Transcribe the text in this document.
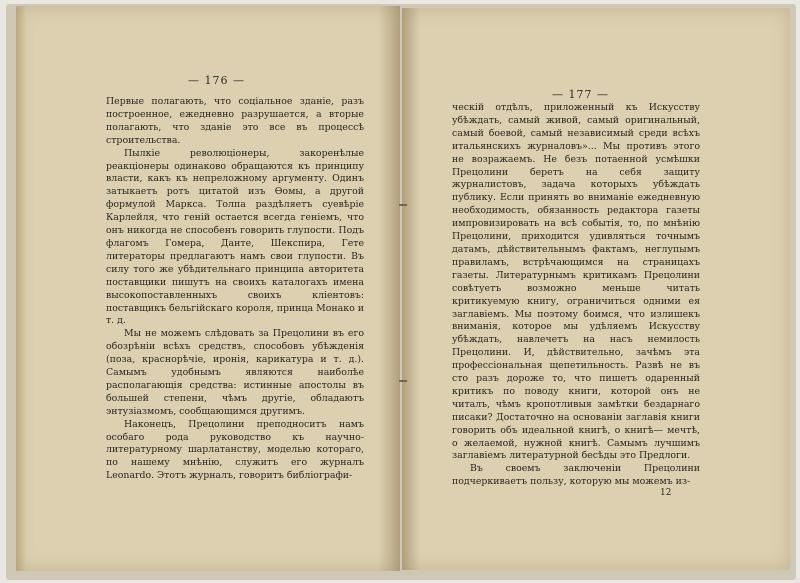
— 176 —

Первые полагають, что соціальное зданіе, разъ построенное, ежедневно разрушается, а вторые полагають, что зданіе это все въ процессѣ строительства.

Пылкіе революціонеры, закоренѣлые реакціонеры одинаково обращаются къ принципу власти, какъ къ непреложному аргументу. Одинъ затыкаетъ ротъ цитатой изъ Ѳомы, а другой формулой Маркса. Толпа раздѣляетъ суевѣріе Карлейля, что геній остается всегда геніемъ, что онъ никогда не способенъ говорить глупости. Подъ флагомъ Гомера, Данте, Шекспира, Гете литераторы предлагаютъ намъ свои глупости. Въ силу того же убѣдительнаго принципа авторитета поставщики пишутъ на своихъ каталогахъ имена высокопоставленныхъ своихъ кліентовъ: поставщикъ бельгійскаго короля, принца Монако и т. д.

Мы не можемъ слѣдовать за Прецолини въ его обозрѣніи всѣхъ средствъ, способовъ убѣжденія (поза, краснорѣчіе, иронія, карикатура и т. д.). Самымъ удобнымъ являются наиболѣе располагающія средства: истинные апостолы въ большей степени, чѣмъ другіе, обладаютъ энтузіазмомъ, сообщающимся другимъ.

Наконецъ, Прецолини преподноситъ намъ особаго рода руководство къ научно-литературному шарлатанству, моделью котораго, по нашему мнѣнію, служитъ его журналъ Leonardo. Этотъ журналъ, говоритъ библіографи-

— 177 —

ческій отдѣлъ, приложенный къ Искусству убѣждать, самый живой, самый оригинальный, самый боевой, самый независимый среди всѣхъ итальянскихъ журналовъ»... Мы противъ этого не возражаемъ. Не безъ потаенной усмѣшки Прецолини беретъ на себя защиту журналистовъ, задача которыхъ убѣждать публику. Если принять во вниманіе ежедневную необходимость, обязанность редактора газеты импровизировать на всѣ событія, то, по мнѣнію Прецолини, приходится удивляться точнымъ датамъ, дѣйствительнымъ фактамъ, неглупымъ правиламъ, встрѣчающимся на страницахъ газеты. Литературнымъ критикамъ Прецолини совѣтуетъ возможно меньше читать критикуемую книгу, ограничиться одними ея заглавіемъ. Мы поэтому боимся, что излишекъ вниманія, которое мы удѣляемъ Искусству убѣждать, навлечетъ на насъ немилость Прецолини. И, дѣйствительно, зачѣмъ эта профессіональная щепетильность. Развѣ не въ сто разъ дороже то, что пишетъ одаренный критикъ по поводу книги, которой онъ не читалъ, чѣмъ кропотливыя замѣтки бездарнаго писаки? Достаточно на основаніи заглавія книги говорить объ идеальной книгѣ, о книгѣ— мечтѣ, о желаемой, нужной книгѣ. Самымъ лучшимъ заглавіемъ литературной бесѣды это Предлоги.

Въ своемъ заключеніи Прецолини подчеркиваетъ пользу, которую мы можемъ из-

12
